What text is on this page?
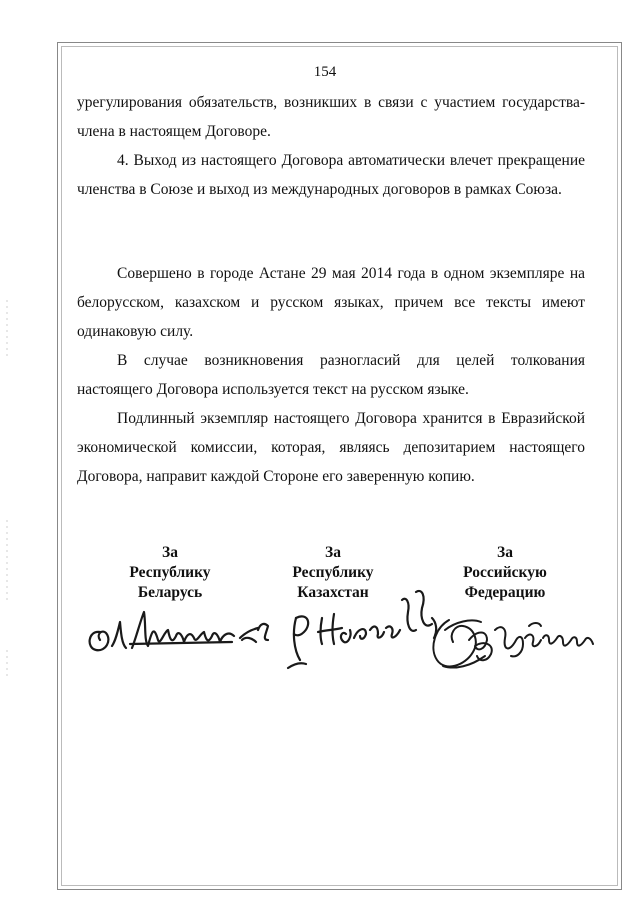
154

урегулирования обязательств, возникших в связи с участием государства-члена в настоящем Договоре.

4. Выход из настоящего Договора автоматически влечет прекращение членства в Союзе и выход из международных договоров в рамках Союза.

Совершено в городе Астане 29 мая 2014 года в одном экземпляре на белорусском, казахском и русском языках, причем все тексты имеют одинаковую силу.

В случае возникновения разногласий для целей толкования настоящего Договора используется текст на русском языке.

Подлинный экземпляр настоящего Договора хранится в Евразийской экономической комиссии, которая, являясь депозитарием настоящего Договора, направит каждой Стороне его заверенную копию.

За
Республику
Беларусь
За
Республику
Казахстан
За
Российскую
Федерацию
